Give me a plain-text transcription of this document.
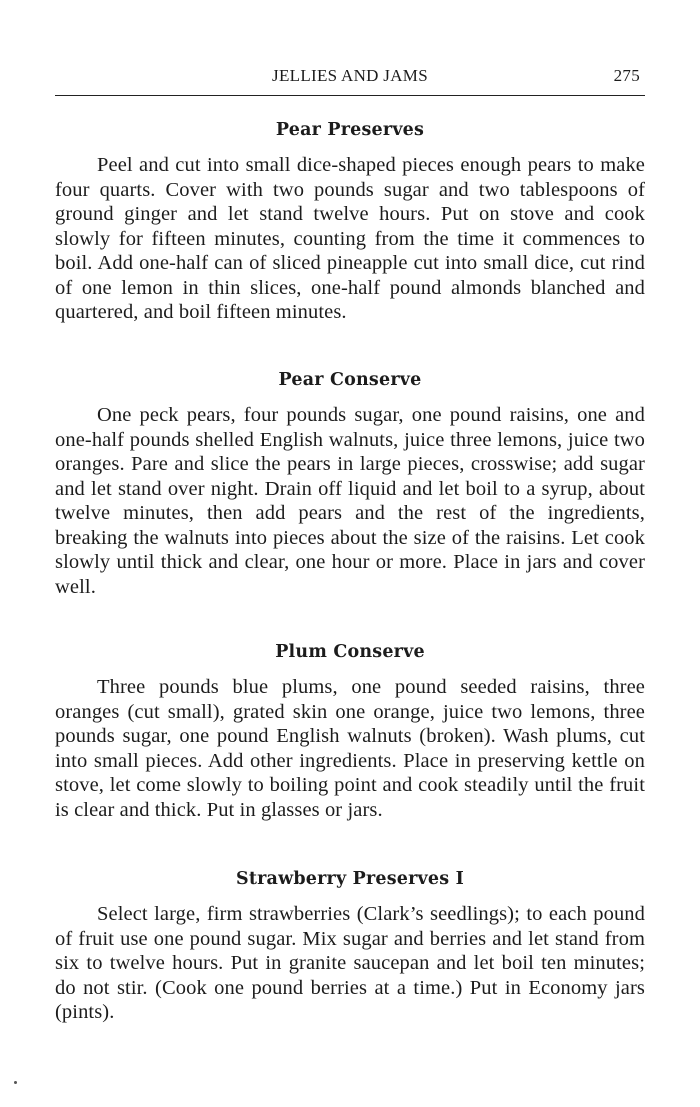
JELLIES AND JAMS	275
Pear Preserves
Peel and cut into small dice-shaped pieces enough pears to make four quarts. Cover with two pounds sugar and two tablespoons of ground ginger and let stand twelve hours. Put on stove and cook slowly for fifteen minutes, counting from the time it commences to boil. Add one-half can of sliced pineapple cut into small dice, cut rind of one lemon in thin slices, one-half pound almonds blanched and quartered, and boil fifteen minutes.
Pear Conserve
One peck pears, four pounds sugar, one pound raisins, one and one-half pounds shelled English walnuts, juice three lemons, juice two oranges. Pare and slice the pears in large pieces, crosswise; add sugar and let stand over night. Drain off liquid and let boil to a syrup, about twelve minutes, then add pears and the rest of the ingredients, breaking the walnuts into pieces about the size of the raisins. Let cook slowly until thick and clear, one hour or more. Place in jars and cover well.
Plum Conserve
Three pounds blue plums, one pound seeded raisins, three oranges (cut small), grated skin one orange, juice two lemons, three pounds sugar, one pound English walnuts (broken). Wash plums, cut into small pieces. Add other ingredients. Place in preserving kettle on stove, let come slowly to boiling point and cook steadily until the fruit is clear and thick. Put in glasses or jars.
Strawberry Preserves I
Select large, firm strawberries (Clark’s seedlings); to each pound of fruit use one pound sugar. Mix sugar and berries and let stand from six to twelve hours. Put in granite saucepan and let boil ten minutes; do not stir. (Cook one pound berries at a time.) Put in Economy jars (pints).
